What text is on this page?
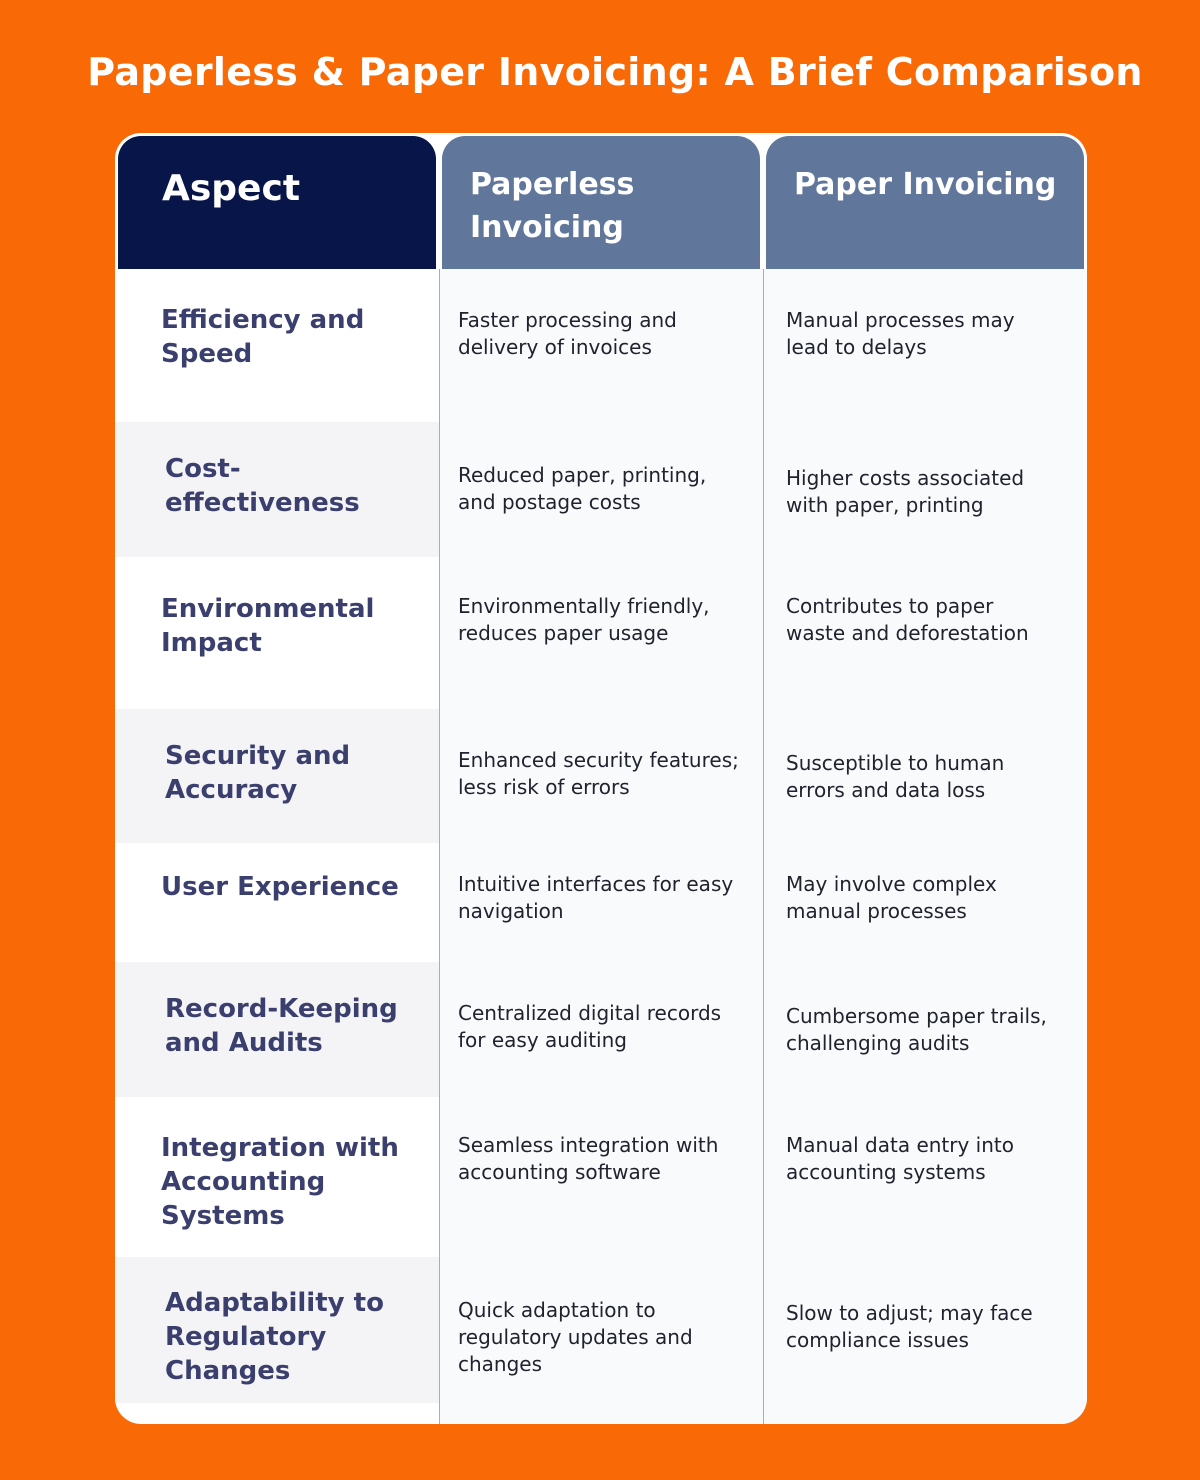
Paperless & Paper Invoicing: A Brief Comparison
Efficiency and Speed
Faster processing and delivery of invoices
Manual processes may lead to delays
Cost-effectiveness
Reduced paper, printing, and postage costs
Higher costs associated with paper, printing
Environmental Impact
Environmentally friendly, reduces paper usage
Contributes to paper waste and deforestation
Security and Accuracy
Enhanced security features; less risk of errors
Susceptible to human errors and data loss
User Experience	Intuitive interfaces for easy navigation
May involve complex manual processes
Record-Keeping and Audits
Centralized digital records for easy auditing
Cumbersome paper trails, challenging audits
Integration with Accounting Systems
Seamless integration with accounting software
Manual data entry into accounting systems
Adaptability to Regulatory Changes
Quick adaptation to regulatory updates and changes
Slow to adjust; may face compliance issues
Aspect	Paperless Invoicing
Paper Invoicing
